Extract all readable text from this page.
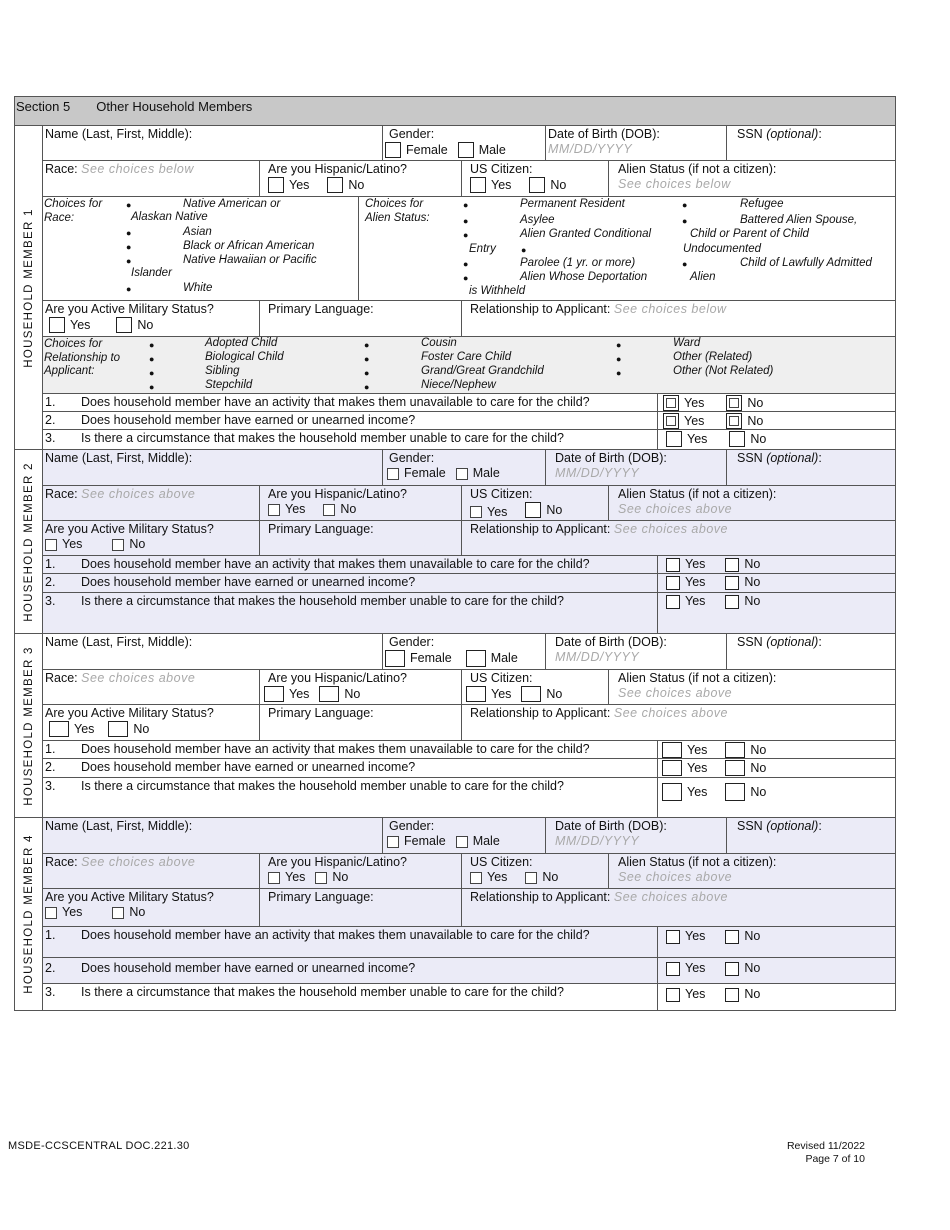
Section 5 Other Household Members
HOUSEHOLD MEMBER 1
HOUSEHOLD MEMBER 2
HOUSEHOLD MEMBER 3
HOUSEHOLD MEMBER 4
Name (Last, First, Middle):	Gender:
Female Male
Date of Birth (DOB):
MM/DD/YYYY
SSN (optional):
Race: See choices below	Are you Hispanic/Latino?
Yes	No
US Citizen:
Yes	No
Alien Status (if not a citizen):
See choices below
Choices for Race:
●	Native American or
Alaskan Native
●	Asian
●	Black or African American
●	Native Hawaiian or Pacific
Islander
●	White
Choices for Alien Status:
●	Permanent Resident
●	Asylee
●	Alien Granted Conditional
Entry	●
●	Parolee (1 yr. or more)
●	Alien Whose Deportation
is Withheld
●	Refugee
●	Battered Alien Spouse,
Child or Parent of Child
Undocumented
●	Child of Lawfully Admitted
Alien
Are you Active Military Status?
Yes	No
Primary Language:	Relationship to Applicant: See choices below
Choices for Relationship to Applicant:
●	Adopted Child
●	Biological Child
●	Sibling
●	Stepchild
●	Cousin
●	Foster Care Child
●	Grand/Great Grandchild
●	Niece/Nephew
●	Ward
●	Other (Related)
●	Other (Not Related)
1. Does household member have an activity that makes them unavailable to care for the child?	Yes	No
2. Does household member have earned or unearned income?	Yes	No
3. Is there a circumstance that makes the household member unable to care for the child?	Yes	No
Name (Last, First, Middle):	Gender:
Female Male
Date of Birth (DOB):
MM/DD/YYYY
SSN (optional):
Race: See choices above	Are you Hispanic/Latino?
Yes	No
US Citizen:
Yes	No
Alien Status (if not a citizen):
See choices above
Are you Active Military Status?
Yes	No
Primary Language:	Relationship to Applicant: See choices above
1. Does household member have an activity that makes them unavailable to care for the child?	Yes	No
2. Does household member have earned or unearned income?	Yes	No
3. Is there a circumstance that makes the household member unable to care for the child?	Yes	No
Name (Last, First, Middle):	Gender:
Female	Male
Date of Birth (DOB):
MM/DD/YYYY
SSN (optional):
Race: See choices above	Are you Hispanic/Latino?
Yes	No
US Citizen:
Yes	No
Alien Status (if not a citizen):
See choices above
Are you Active Military Status?
Yes	No
Primary Language:	Relationship to Applicant: See choices above
1. Does household member have an activity that makes them unavailable to care for the child?	Yes	No
2. Does household member have earned or unearned income?	Yes	No
3. Is there a circumstance that makes the household member unable to care for the child?	Yes	No
Name (Last, First, Middle):	Gender:
Female Male
Date of Birth (DOB):
MM/DD/YYYY
SSN (optional):
Race: See choices above	Are you Hispanic/Latino?
Yes No
US Citizen:
Yes	No
Alien Status (if not a citizen):
See choices above
Are you Active Military Status?
Yes	No
Primary Language:	Relationship to Applicant: See choices above
1. Does household member have an activity that makes them unavailable to care for the child?	Yes	No
2. Does household member have earned or unearned income?	Yes	No
3. Is there a circumstance that makes the household member unable to care for the child?	Yes	No
MSDE-CCSCENTRAL DOC.221.30	Revised 11/2022
Page 7 of 10
